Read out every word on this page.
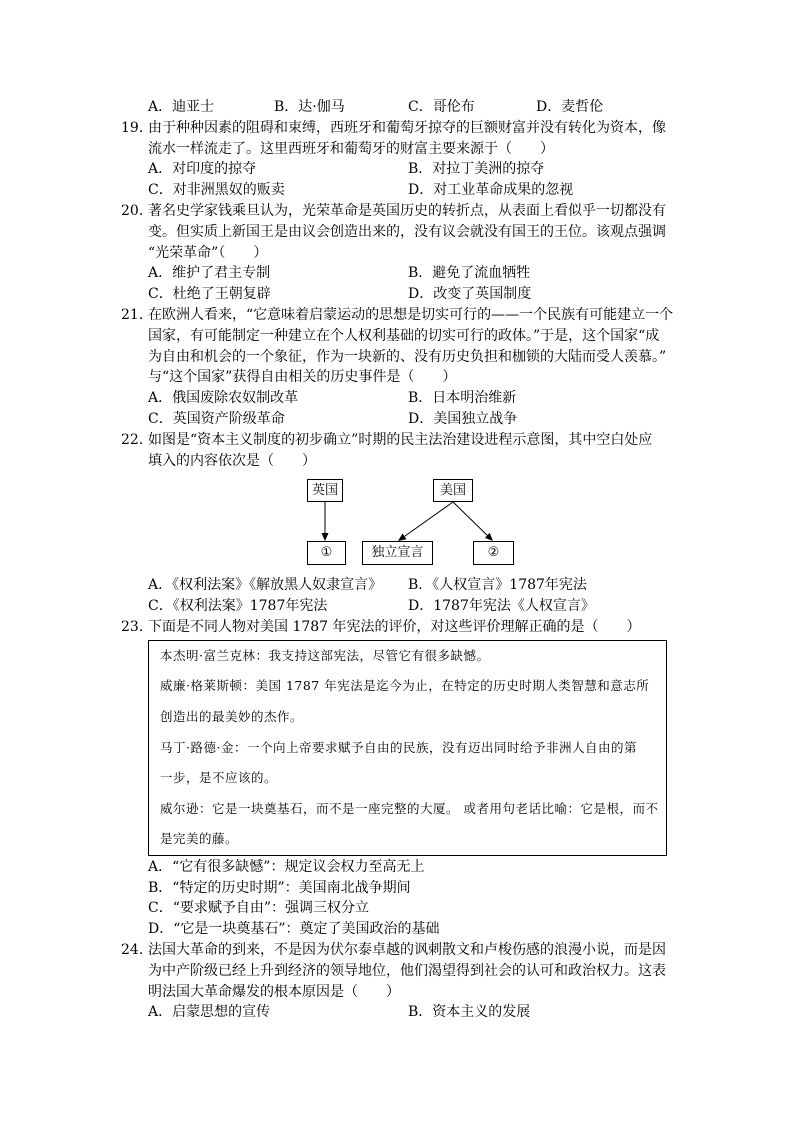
A．迪亚士	B．达·伽马	C．哥伦布	D．麦哲伦
19．
由于种种因素的阻碍和束缚，西班牙和葡萄牙掠夺的巨额财富并没有转化为资本，像
流水一样流走了。这里西班牙和葡萄牙的财富主要来源于（　　）
A．对印度的掠夺	B．对拉丁美洲的掠夺
C．对非洲黑奴的贩卖	D．对工业革命成果的忽视
20．
著名史学家钱乘旦认为，光荣革命是英国历史的转折点，从表面上看似乎一切都没有
变。但实质上新国王是由议会创造出来的，没有议会就没有国王的王位。该观点强调
“光荣革命”（　　）
A．维护了君主专制	B．避免了流血牺牲
C．杜绝了王朝复辟	D．改变了英国制度
21．
在欧洲人看来，“它意味着启蒙运动的思想是切实可行的——一个民族有可能建立一个
国家，有可能制定一种建立在个人权利基础的切实可行的政体。”于是，这个国家“成
为自由和机会的一个象征，作为一块新的、没有历史负担和枷锁的大陆而受人羡慕。”
与“这个国家”获得自由相关的历史事件是（　　）
A．俄国废除农奴制改革	B．日本明治维新
C．英国资产阶级革命	D．美国独立战争
22．
如图是“资本主义制度的初步确立”时期的民主法治建设进程示意图，其中空白处应
填入的内容依次是（　　）
英国	美国
①	独立宣言	②
A．《权利法案》《解放黑人奴隶宣言》 B．《人权宣言》1787年宪法
C．《权利法案》1787年宪法	D．1787年宪法《人权宣言》
23．
下面是不同人物对美国 1787 年宪法的评价，对这些评价理解正确的是（　　）
本杰明·富兰克林：我支持这部宪法，尽管它有很多缺憾。
威廉·格莱斯顿：美国 1787 年宪法是迄今为止，在特定的历史时期人类智慧和意志所
创造出的最美妙的杰作。
马丁·路德·金：一个向上帝要求赋予自由的民族，没有迈出同时给予非洲人自由的第
一步，是不应该的。
威尔逊：它是一块奠基石，而不是一座完整的大厦。 或者用句老话比喻：它是根，而不
是完美的藤。
A．“它有很多缺憾”：规定议会权力至高无上
B．“特定的历史时期”：美国南北战争期间
C．“要求赋予自由”：强调三权分立
D．“它是一块奠基石”：奠定了美国政治的基础
24．
法国大革命的到来，不是因为伏尔泰卓越的讽刺散文和卢梭伤感的浪漫小说，而是因
为中产阶级已经上升到经济的领导地位，他们渴望得到社会的认可和政治权力。这表
明法国大革命爆发的根本原因是（　　）
A．启蒙思想的宣传	B．资本主义的发展
